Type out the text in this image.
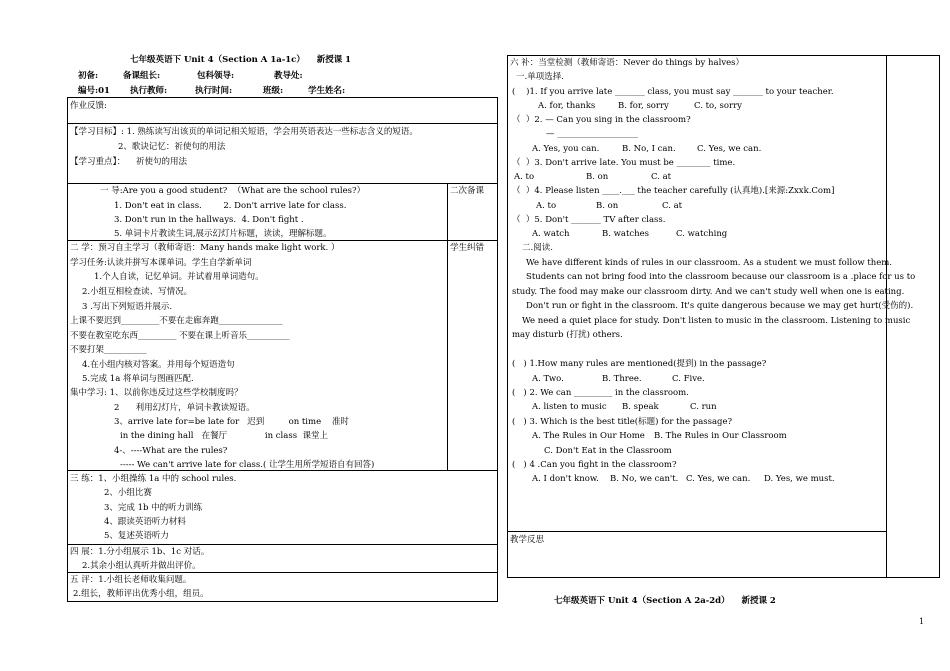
七年级英语下 Unit 4（Section A 1a-1c）    新授课 1
初备:	备课组长:	包科领导:	教导处:
编号:01 执行教师:	执行时间:	班级:	学生姓名:
作业反馈:
【学习目标】: 1. 熟练读写出该页的单词记相关短语，学会用英语表达一些标志含义的短语。
2、歌诀记忆：祈使句的用法
【学习重点】：    祈使句的用法
一 导:Are you a good student?  （What are the school rules?）
1. Don't eat in class.        2. Don't arrive late for class.
3. Don't run in the hallways.  4. Don't fight .
5. 单词卡片教读生词,展示幻灯片标题，读读，理解标题。
二次备课
二 学：预习自主学习（教师寄语：Many hands make light work. ）	学生纠错
学习任务:认读并拼写本课单词。学生自学新单词
1.个人自读，记忆单词。并试着用单词造句。
2.小组互相检查读、写情况。
3 .写出下列短语并展示.
上课不要迟到_________不要在走廊奔跑_______________
不要在教室吃东西_________ 不要在课上听音乐__________
不要打架__________
4.在小组内核对答案。并用每个短语造句
5.完成 1a 将单词与图画匹配.
集中学习: 1、以前你违反过这些学校制度吗？
2      利用幻灯片，单词卡教读短语。
3、arrive late for=be late for   迟到         on time    准时
in the dining hall   在餐厅              in class  课堂上
4-、----What are the rules?
----- We can't arrive late for class.( 让学生用所学短语自有回答)
三 练：1、小组操练 1a 中的 school rules.
2、小组比赛
3、完成 1b 中的听力训练
4、跟读英语听力材料
5、复述英语听力
四 展：1.分小组展示 1b、1c 对话。
2.其余小组认真听并做出评价。
五 评：1.小组长老师收集问题。
2.组长，教师评出优秀小组，组员。
六 补：当堂检测（教师寄语：Never do things by halves）
一.单项选择.
(    )1. If you arrive late _______ class, you must say _______ to your teacher.
A. for, thanks	B. for, sorry	C. to, sorry
（  ）2. — Can you sing in the classroom?
— ___________________
A. Yes, you can.	B. No, I can.	C. Yes, we can.
（  ）3. Don't arrive late. You must be ________ time.
A. to	B. on	C. at
（  ）4. Please listen ____.___ the teacher carefully (认真地).[来源:Zxxk.Com]
A. to	B. on	C. at
（  ）5. Don't _______ TV after class.
A. watch	B. watches	C. watching
二.阅读.
We have different kinds of rules in our classroom. As a student we must follow them.
Students can not bring food into the classroom because our classroom is a .place for us to
study. The food may make our classroom dirty. And we can't study well when one is eating.
Don't run or fight in the classroom. It's quite dangerous because we may get hurt(受伤的).
We need a quiet place for study. Don't listen to music in the classroom. Listening to music
may disturb (打扰) others.
(   ) 1.How many rules are mentioned(提到) in the passage?
A. Two.	B. Three.	C. Five.
(   ) 2. We can _________ in the classroom.
A. listen to music B. speak	C. run
(   ) 3. Which is the best title(标题) for the passage?
A. The Rules in Our Home B. The Rules in Our Classroom
C. Don't Eat in the Classroom
(   ) 4 .Can you fight in the classroom?
A. I don't know. B. No, we can't. C. Yes, we can. D. Yes, we must.
教学反思
七年级英语下 Unit 4（Section A 2a-2d）    新授课 2
1
